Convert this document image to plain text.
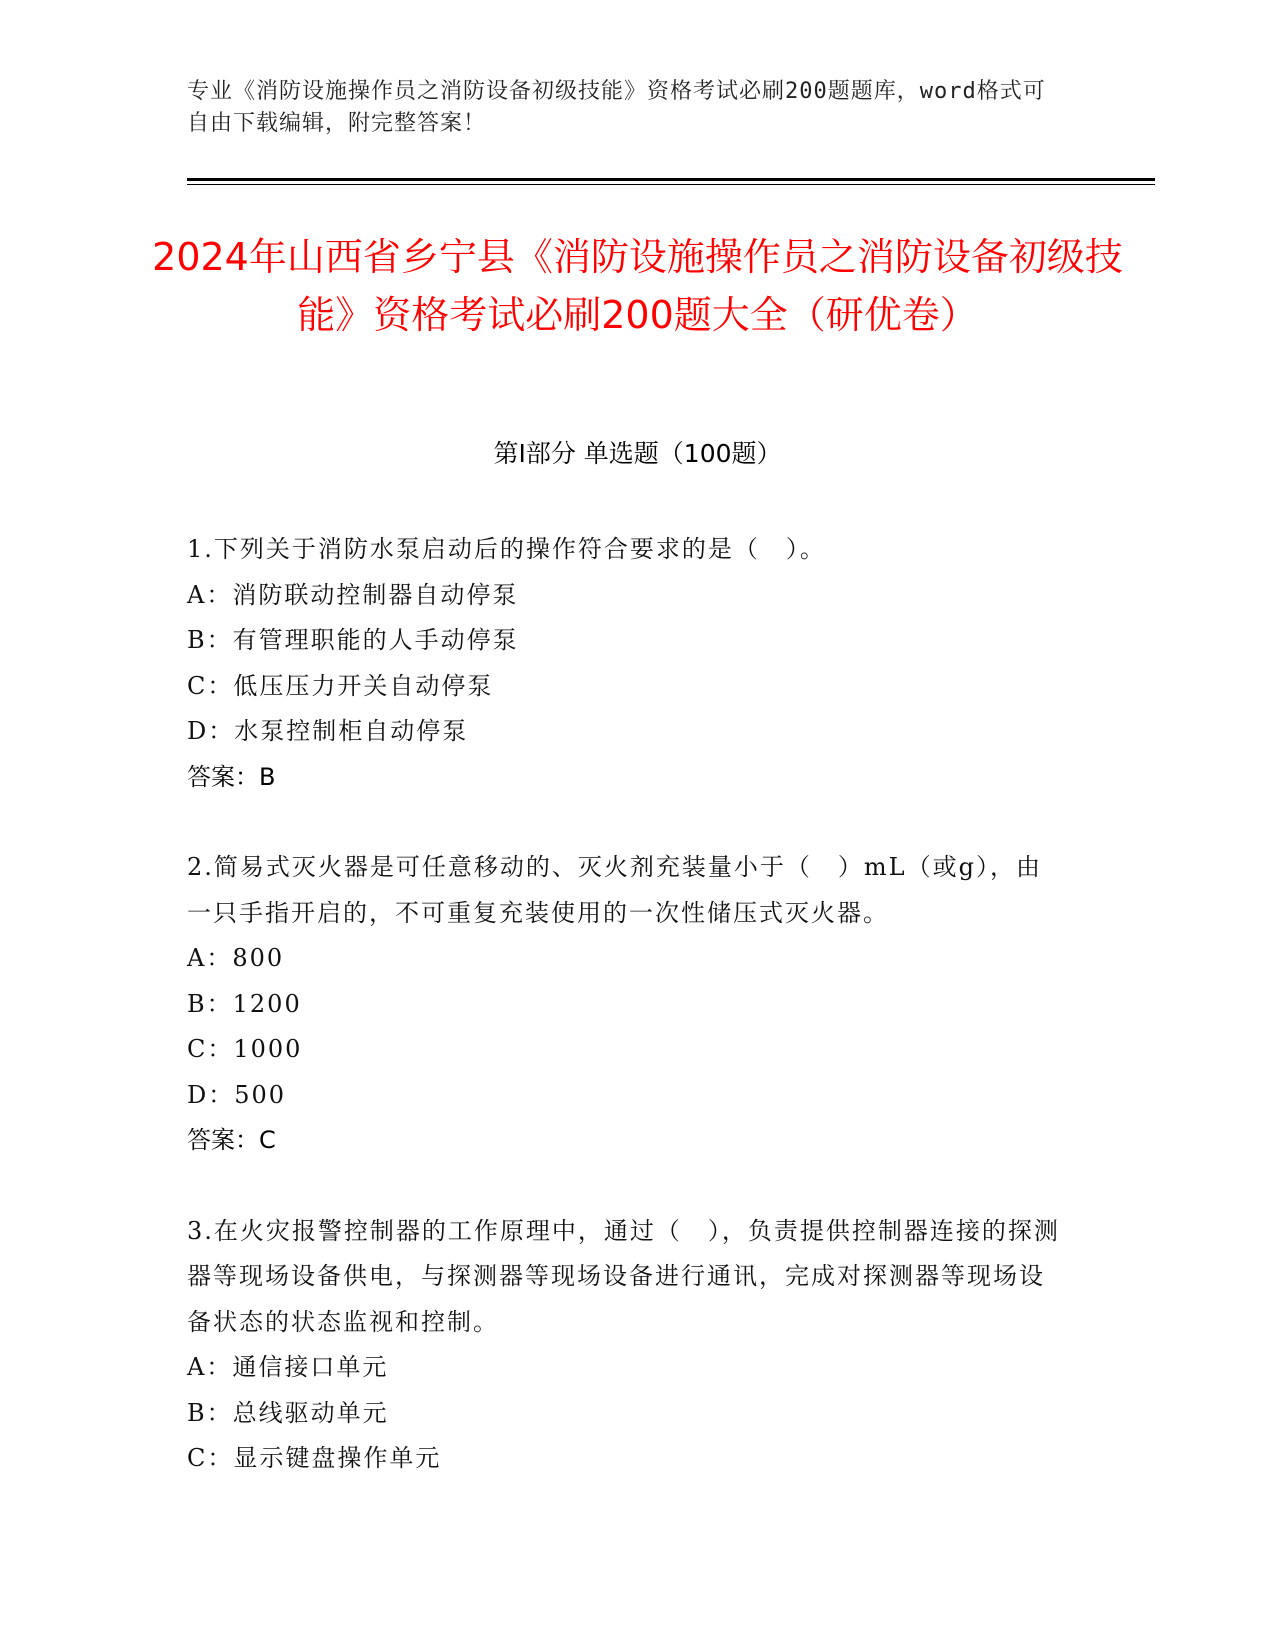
专业《消防设施操作员之消防设备初级技能》资格考试必刷200题题库，word格式可自由下载编辑，附完整答案！
2024年山西省乡宁县《消防设施操作员之消防设备初级技能》资格考试必刷200题大全（研优卷）
第Ⅰ部分 单选题（100题）

1.下列关于消防水泵启动后的操作符合要求的是（　）。

A：消防联动控制器自动停泵

B：有管理职能的人手动停泵

C：低压压力开关自动停泵

D：水泵控制柜自动停泵

答案：B

2.简易式灭火器是可任意移动的、灭火剂充装量小于（　）mL（或g），由一只手指开启的，不可重复充装使用的一次性储压式灭火器。

A：800

B：1200

C：1000

D：500

答案：C

3.在火灾报警控制器的工作原理中，通过（　），负责提供控制器连接的探测器等现场设备供电，与探测器等现场设备进行通讯，完成对探测器等现场设备状态的状态监视和控制。

A：通信接口单元

B：总线驱动单元

C：显示键盘操作单元
